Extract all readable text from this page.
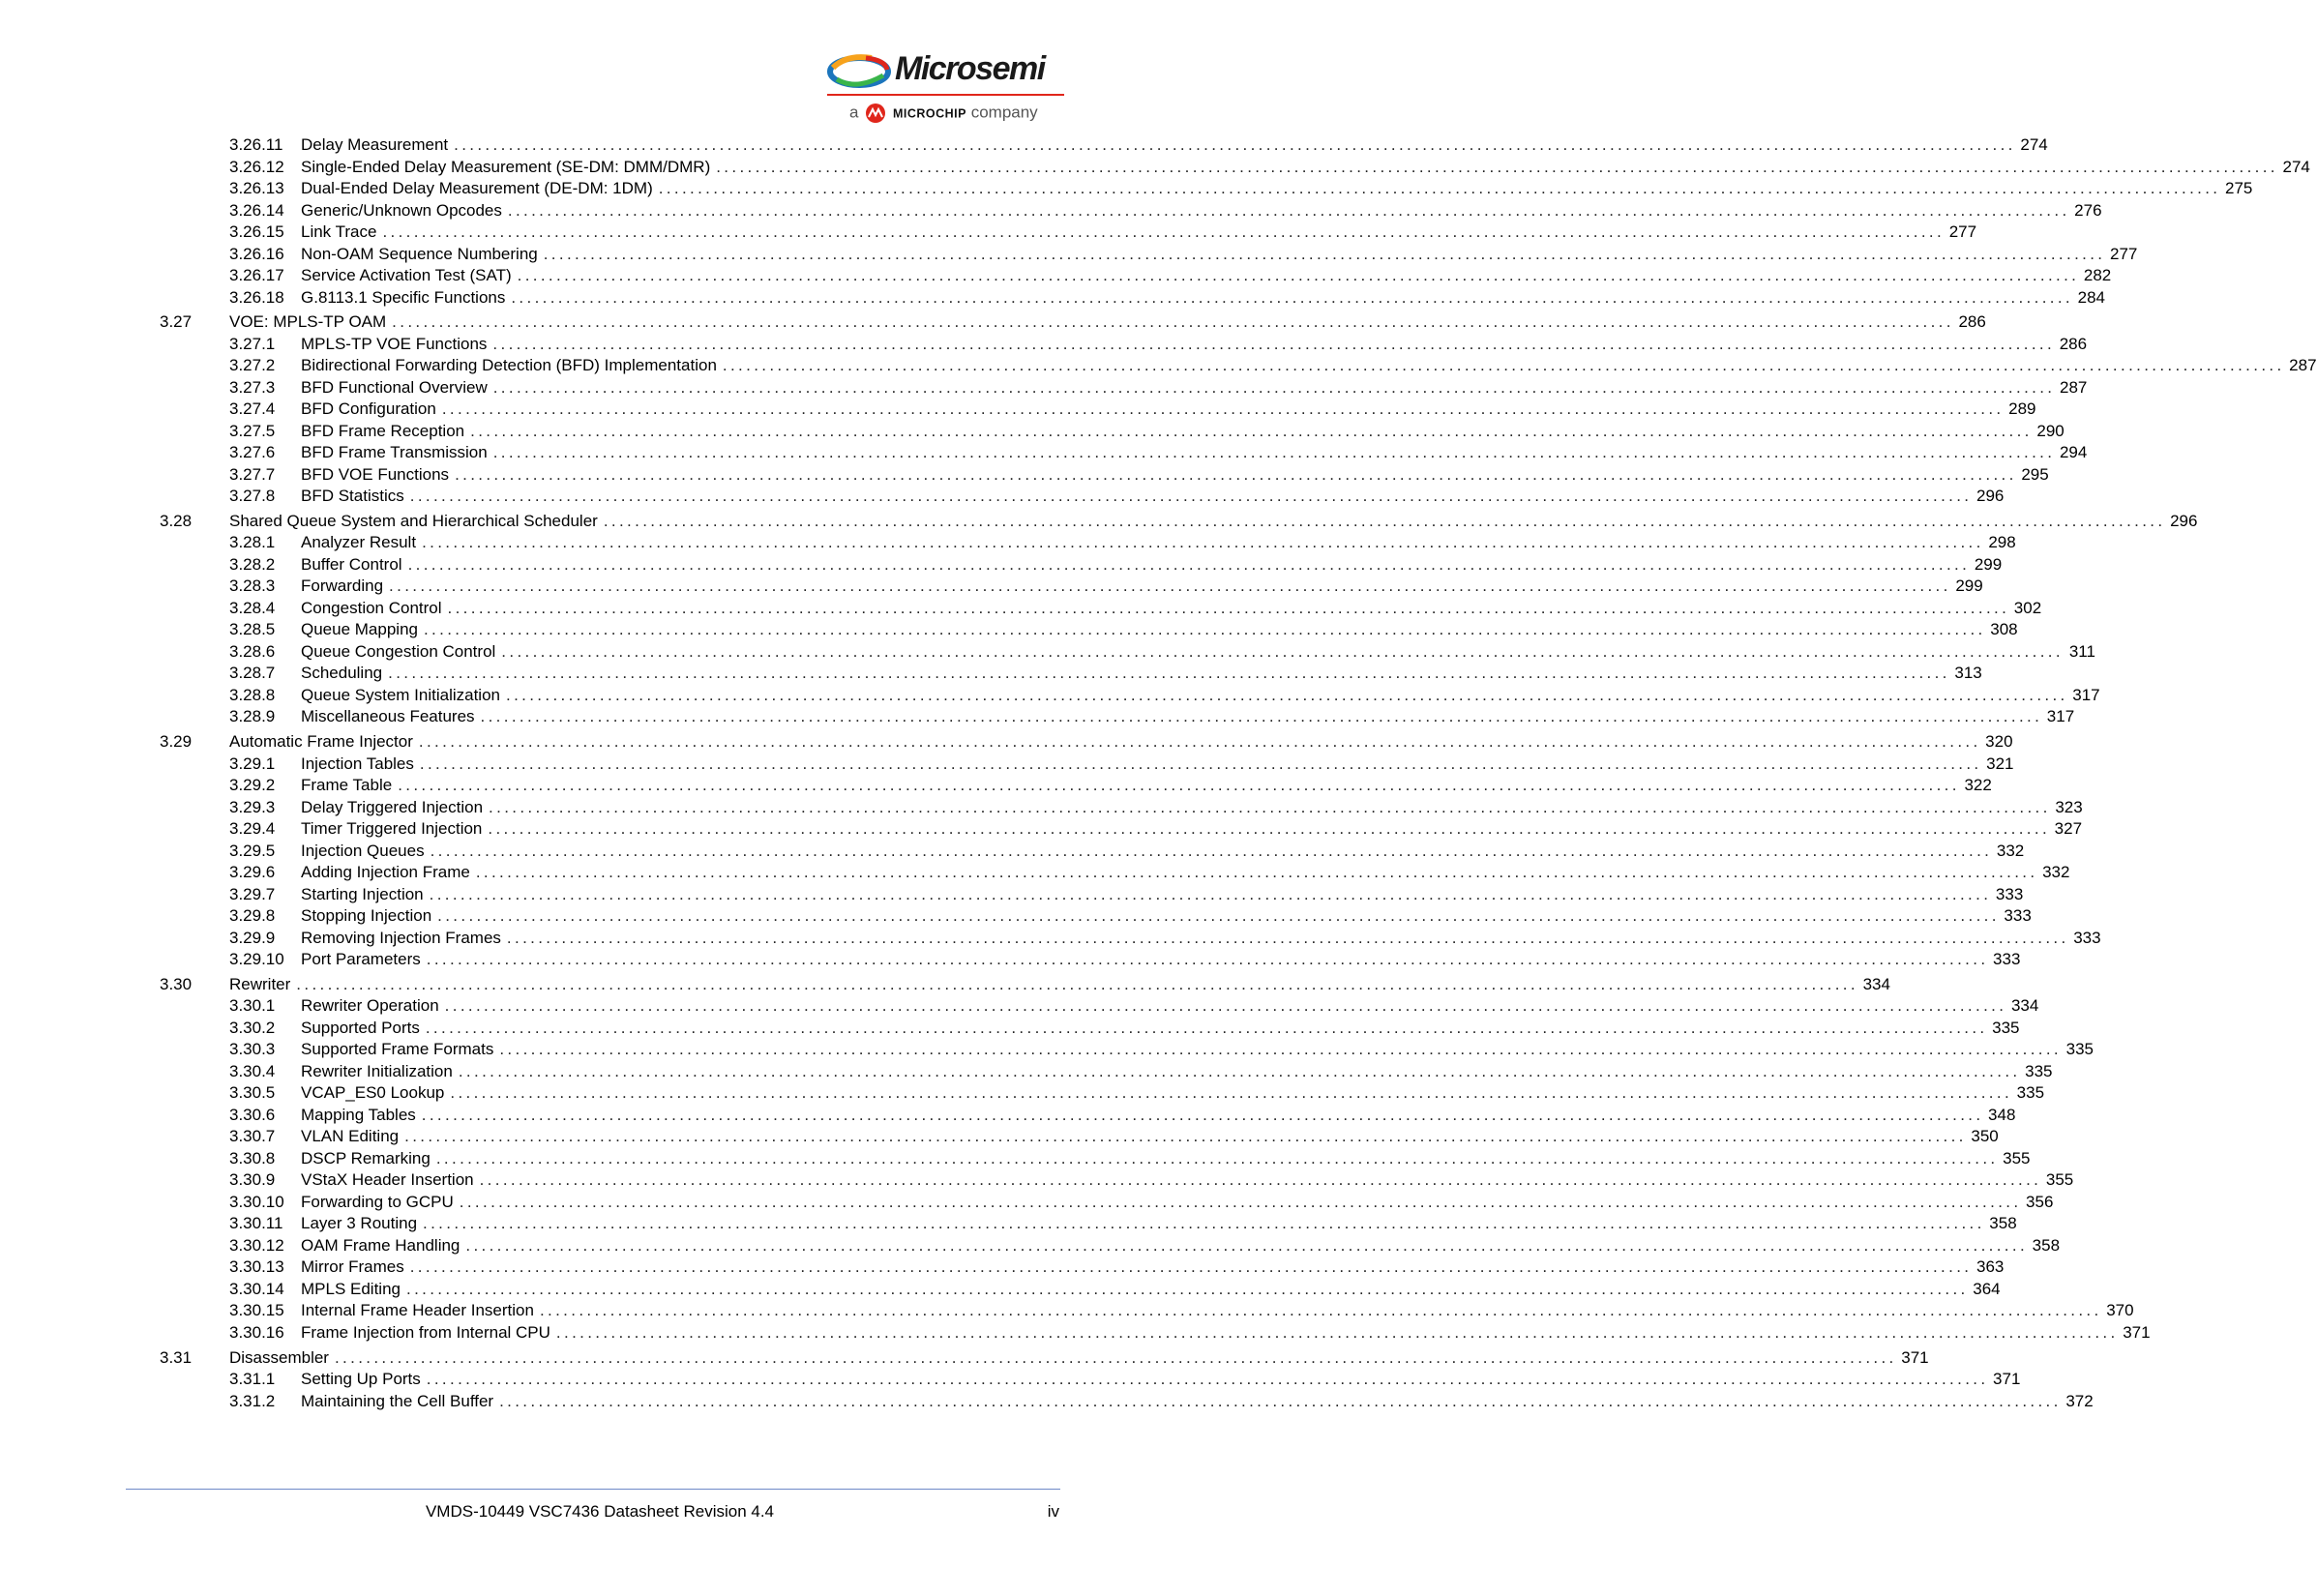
Microsemi
a	MICROCHIP company
3.26.11 Delay Measurement ........................................................................................................................................................................................................ 274
3.26.12 Single-Ended Delay Measurement (SE-DM: DMM/DMR) ........................................................................................................................................................................................................ 274
3.26.13 Dual-Ended Delay Measurement (DE-DM: 1DM) ........................................................................................................................................................................................................ 275
3.26.14 Generic/Unknown Opcodes ........................................................................................................................................................................................................ 276
3.26.15 Link Trace ........................................................................................................................................................................................................ 277
3.26.16 Non-OAM Sequence Numbering ........................................................................................................................................................................................................ 277
3.26.17 Service Activation Test (SAT) ........................................................................................................................................................................................................ 282
3.26.18 G.8113.1 Specific Functions ........................................................................................................................................................................................................ 284
3.27 VOE: MPLS-TP OAM ........................................................................................................................................................................................................ 286
3.27.1 MPLS-TP VOE Functions ........................................................................................................................................................................................................ 286
3.27.2 Bidirectional Forwarding Detection (BFD) Implementation ........................................................................................................................................................................................................ 287
3.27.3 BFD Functional Overview ........................................................................................................................................................................................................ 287
3.27.4 BFD Configuration ........................................................................................................................................................................................................ 289
3.27.5 BFD Frame Reception ........................................................................................................................................................................................................ 290
3.27.6 BFD Frame Transmission ........................................................................................................................................................................................................ 294
3.27.7 BFD VOE Functions ........................................................................................................................................................................................................ 295
3.27.8 BFD Statistics ........................................................................................................................................................................................................ 296
3.28 Shared Queue System and Hierarchical Scheduler ........................................................................................................................................................................................................ 296
3.28.1 Analyzer Result ........................................................................................................................................................................................................ 298
3.28.2 Buffer Control ........................................................................................................................................................................................................ 299
3.28.3 Forwarding ........................................................................................................................................................................................................ 299
3.28.4 Congestion Control ........................................................................................................................................................................................................ 302
3.28.5 Queue Mapping ........................................................................................................................................................................................................ 308
3.28.6 Queue Congestion Control ........................................................................................................................................................................................................ 311
3.28.7 Scheduling ........................................................................................................................................................................................................ 313
3.28.8 Queue System Initialization ........................................................................................................................................................................................................ 317
3.28.9 Miscellaneous Features ........................................................................................................................................................................................................ 317
3.29 Automatic Frame Injector ........................................................................................................................................................................................................ 320
3.29.1 Injection Tables ........................................................................................................................................................................................................ 321
3.29.2 Frame Table ........................................................................................................................................................................................................ 322
3.29.3 Delay Triggered Injection ........................................................................................................................................................................................................ 323
3.29.4 Timer Triggered Injection ........................................................................................................................................................................................................ 327
3.29.5 Injection Queues ........................................................................................................................................................................................................ 332
3.29.6 Adding Injection Frame ........................................................................................................................................................................................................ 332
3.29.7 Starting Injection ........................................................................................................................................................................................................ 333
3.29.8 Stopping Injection ........................................................................................................................................................................................................ 333
3.29.9 Removing Injection Frames ........................................................................................................................................................................................................ 333
3.29.10 Port Parameters ........................................................................................................................................................................................................ 333
3.30 Rewriter ........................................................................................................................................................................................................ 334
3.30.1 Rewriter Operation ........................................................................................................................................................................................................ 334
3.30.2 Supported Ports ........................................................................................................................................................................................................ 335
3.30.3 Supported Frame Formats ........................................................................................................................................................................................................ 335
3.30.4 Rewriter Initialization ........................................................................................................................................................................................................ 335
3.30.5 VCAP_ES0 Lookup ........................................................................................................................................................................................................ 335
3.30.6 Mapping Tables ........................................................................................................................................................................................................ 348
3.30.7 VLAN Editing ........................................................................................................................................................................................................ 350
3.30.8 DSCP Remarking ........................................................................................................................................................................................................ 355
3.30.9 VStaX Header Insertion ........................................................................................................................................................................................................ 355
3.30.10 Forwarding to GCPU ........................................................................................................................................................................................................ 356
3.30.11 Layer 3 Routing ........................................................................................................................................................................................................ 358
3.30.12 OAM Frame Handling ........................................................................................................................................................................................................ 358
3.30.13 Mirror Frames ........................................................................................................................................................................................................ 363
3.30.14 MPLS Editing ........................................................................................................................................................................................................ 364
3.30.15 Internal Frame Header Insertion ........................................................................................................................................................................................................ 370
3.30.16 Frame Injection from Internal CPU ........................................................................................................................................................................................................ 371
3.31 Disassembler ........................................................................................................................................................................................................ 371
3.31.1 Setting Up Ports ........................................................................................................................................................................................................ 371
3.31.2 Maintaining the Cell Buffer ........................................................................................................................................................................................................ 372
VMDS-10449 VSC7436 Datasheet Revision 4.4	iv
